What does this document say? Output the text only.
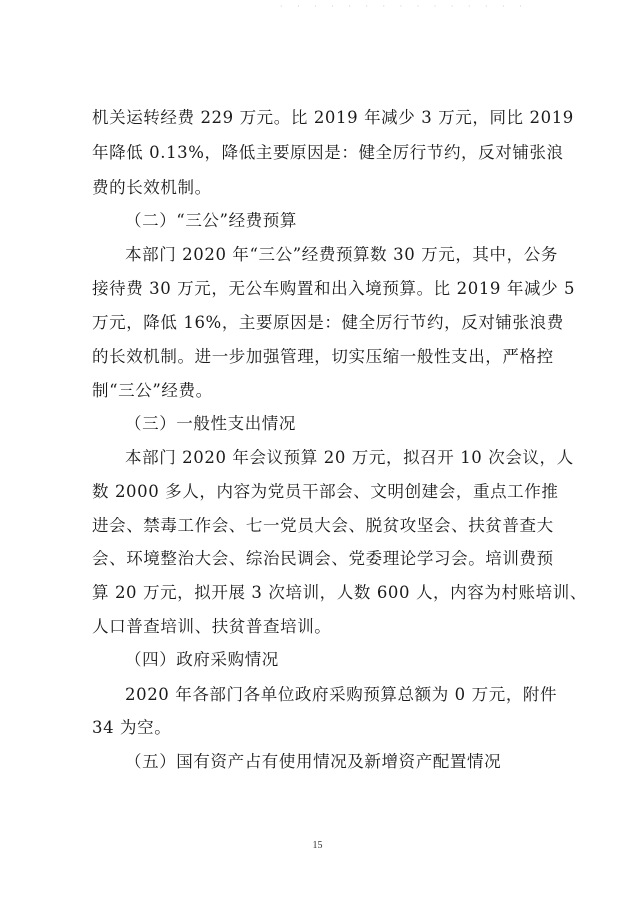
· · · · · · · · · · · · · · ·
机关运转经费 229 万元。比 2019 年减少 3 万元，同比 2019
年降低 0.13%，降低主要原因是：健全厉行节约，反对铺张浪
费的长效机制。
（二）“三公”经费预算
本部门 2020 年“三公”经费预算数 30 万元，其中，公务
接待费 30 万元，无公车购置和出入境预算。比 2019 年减少 5
万元，降低 16%，主要原因是：健全厉行节约，反对铺张浪费
的长效机制。进一步加强管理，切实压缩一般性支出，严格控
制“三公”经费。
（三）一般性支出情况
本部门 2020 年会议预算 20 万元，拟召开 10 次会议，人
数 2000 多人，内容为党员干部会、文明创建会，重点工作推
进会、禁毒工作会、七一党员大会、脱贫攻坚会、扶贫普查大
会、环境整治大会、综治民调会、党委理论学习会。培训费预
算 20 万元，拟开展 3 次培训，人数 600 人，内容为村账培训、
人口普查培训、扶贫普查培训。
（四）政府采购情况
2020 年各部门各单位政府采购预算总额为 0 万元，附件
34 为空。
（五）国有资产占有使用情况及新增资产配置情况
15
